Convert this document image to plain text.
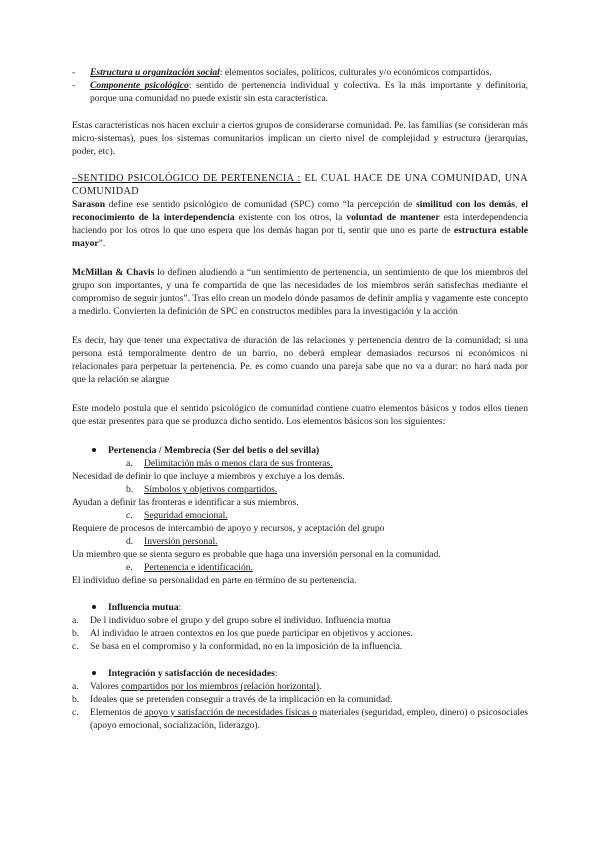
-	Estructura u organización social: elementos sociales, políticos, culturales y/o económicos compartidos.
-	Componente psicológico: sentido de pertenencia individual y colectiva. Es la más importante y definitoria, porque una comunidad no puede existir sin esta característica.

Estas características nos hacen excluir a ciertos grupos de considerarse comunidad. Pe. las familias (se consideran más micro-sistemas), pues los sistemas comunitarios implican un cierto nivel de complejidad y estructura (jerarquías, poder, etc).

–SENTIDO PSICOLÓGICO DE PERTENENCIA : EL CUAL HACE DE UNA COMUNIDAD, UNA COMUNIDAD

Sarason define ese sentido psicológico de comunidad (SPC) como “la percepción de similitud con los demás, el reconocimiento de la interdependencia existente con los otros, la voluntad de mantener esta interdependencia haciendo por los otros lo que uno espera que los demás hagan por ti, sentir que uno es parte de estructura estable mayor”.

McMillan & Chavis lo definen aludiendo a “un sentimiento de pertenencia, un sentimiento de que los miembros del grupo son importantes, y una fe compartida de que las necesidades de los miembros serán satisfechas mediante el compromiso de seguir juntos”. Tras ello crean un modelo dónde pasamos de definir amplia y vagamente este concepto a medirlo. Convierten la definición de SPC en constructos medibles para la investigación y la acción

Es decir, hay que tener una expectativa de duración de las relaciones y pertenencia dentro de la comunidad; si una persona está temporalmente dentro de un barrio, no deberá emplear demasiados recursos ni económicos ni relacionales para perpetuar la pertenencia. Pe. es como cuando una pareja sabe que no va a durar: no hará nada por que la relación se alargue

Este modelo postula que el sentido psicológico de comunidad contiene cuatro elementos básicos y todos ellos tienen que estar presentes para que se produzca dicho sentido. Los elementos básicos son los siguientes:

Pertenencia / Membrecía (Ser del betis o del sevilla)
a. Delimitación más o menos clara de sus fronteras.
Necesidad de definir lo que incluye a miembros y excluye a los demás.
b. Símbolos y objetivos compartidos.
Ayudan a definir las fronteras e identificar a sus miembros.
c. Seguridad emocional.
Requiere de procesos de intercambio de apoyo y recursos, y aceptación del grupo
d. Inversión personal.
Un miembro que se sienta seguro es probable que haga una inversión personal en la comunidad.
e. Pertenencia e identificación.
El individuo define su personalidad en parte en término de su pertenencia.
Influencia mutua:
a.	De l individuo sobre el grupo y del grupo sobre el individuo. Influencia mutua
b.	Al individuo le atraen contextos en los que puede participar en objetivos y acciones.
c.	Se basa en el compromiso y la conformidad, no en la imposición de la influencia.
Integración y satisfacción de necesidades:
a.	Valores compartidos por los miembros (relación horizontal).
b.	Ideales que se pretenden conseguir a través de la implicación en la comunidad.
c.	Elementos de apoyo y satisfacción de necesidades físicas o materiales (seguridad, empleo, dinero) o psicosociales (apoyo emocional, socialización, liderazgo).
